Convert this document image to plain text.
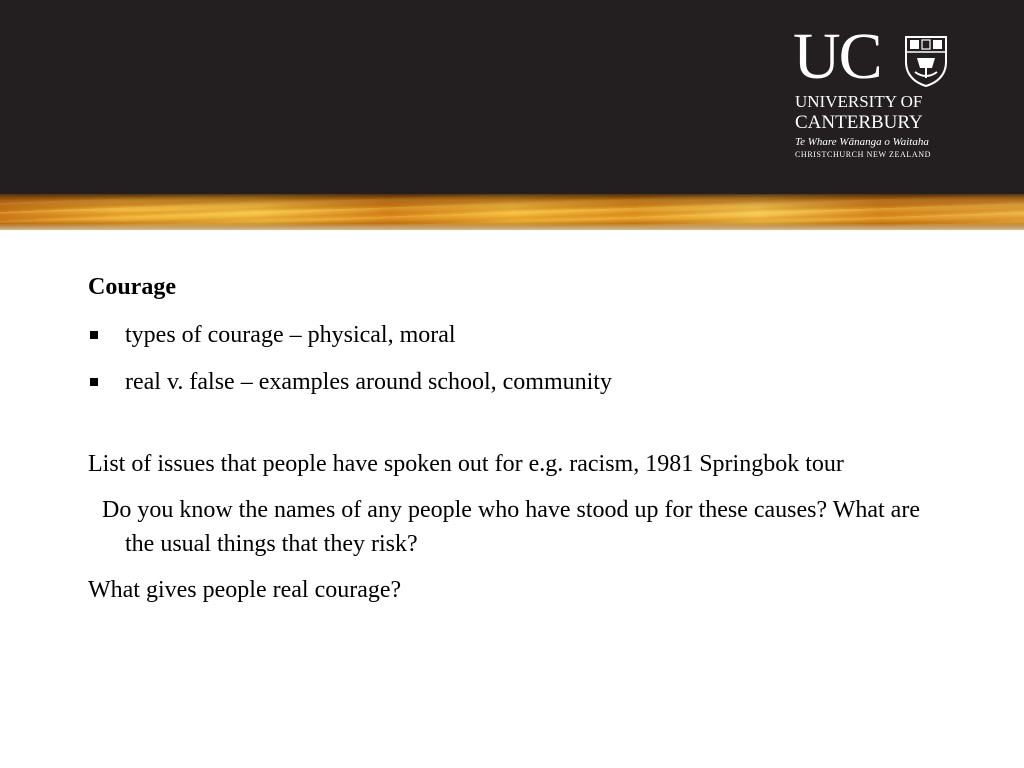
UC
UNIVERSITY OF
CANTERBURY
Te Whare Wānanga o Waitaha
CHRISTCHURCH NEW ZEALAND

Courage

types of courage – physical, moral
real v. false – examples around school, community

List of issues that people have spoken out for e.g. racism, 1981 Springbok tour

Do you know the names of any people who have stood up for these causes? What are the usual things that they risk?

What gives people real courage?
